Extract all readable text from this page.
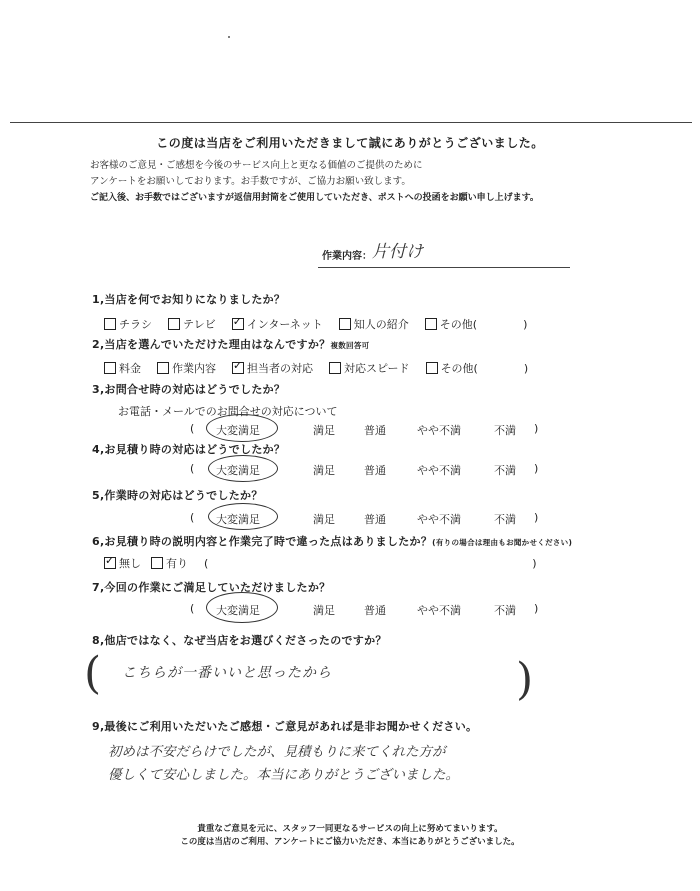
この度は当店をご利用いただきまして誠にありがとうございました。
お客様のご意見・ご感想を今後のサービス向上と更なる価値のご提供のために
アンケートをお願いしております。お手数ですが、ご協力お願い致します。
ご記入後、お手数ではございますが返信用封筒をご使用していただき、ポストへの投函をお願い申し上げます。
作業内容： 片付け
1,当店を何でお知りになりましたか？
チラシ	テレビ ✓	インターネット	知人の紹介	その他(	)
2,当店を選んでいただけた理由はなんですか？複数回答可
料金	作業内容 ✓	担当者の対応	対応スピード	その他(	)
3,お問合せ時の対応はどうでしたか？
お電話・メールでのお問合せの対応について
( 大変満足	満足	普通	やや不満	不満 )
4,お見積り時の対応はどうでしたか？
( 大変満足	満足	普通	やや不満	不満 )
5,作業時の対応はどうでしたか？
( 大変満足	満足	普通	やや不満	不満 )
6,お見積り時の説明内容と作業完了時で違った点はありましたか？(有りの場合は理由もお聞かせください)
✓
無し 有り (	)
7,今回の作業にご満足していただけましたか？
( 大変満足	満足	普通	やや不満	不満 )
8,他店ではなく、なぜ当店をお選びくださったのですか？
( こちらが一番いいと思ったから	)
9,最後にご利用いただいたご感想・ご意見があれば是非お聞かせください。
初めは不安だらけでしたが、見積もりに来てくれた方が
優しくて安心しました。本当にありがとうございました。
貴重なご意見を元に、スタッフ一同更なるサービスの向上に努めてまいります。
この度は当店のご利用、アンケートにご協力いただき、本当にありがとうございました。
